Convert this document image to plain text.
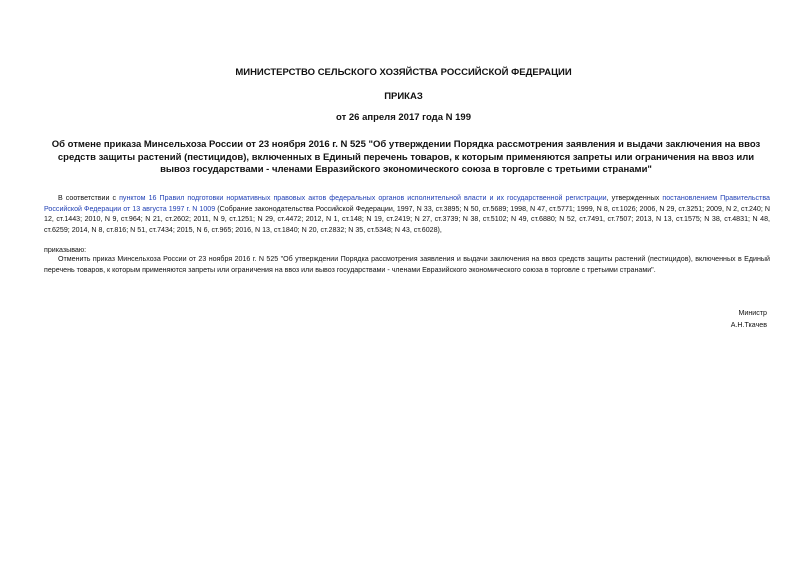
МИНИСТЕРСТВО СЕЛЬСКОГО ХОЗЯЙСТВА РОССИЙСКОЙ ФЕДЕРАЦИИ
ПРИКАЗ
от 26 апреля 2017 года N 199
Об отмене приказа Минсельхоза России от 23 ноября 2016 г. N 525 "Об утверждении Порядка рассмотрения заявления и выдачи заключения на ввоз средств защиты растений (пестицидов), включенных в Единый перечень товаров, к которым применяются запреты или ограничения на ввоз или вывоз государствами - членами Евразийского экономического союза в торговле с третьими странами"
В соответствии с пунктом 16 Правил подготовки нормативных правовых актов федеральных органов исполнительной власти и их государственной регистрации, утвержденных постановлением Правительства Российской Федерации от 13 августа 1997 г. N 1009 (Собрание законодательства Российской Федерации, 1997, N 33, ст.3895; N 50, ст.5689; 1998, N 47, ст.5771; 1999, N 8, ст.1026; 2006, N 29, ст.3251; 2009, N 2, ст.240; N 12, ст.1443; 2010, N 9, ст.964; N 21, ст.2602; 2011, N 9, ст.1251; N 29, ст.4472; 2012, N 1, ст.148; N 19, ст.2419; N 27, ст.3739; N 38, ст.5102; N 49, ст.6880; N 52, ст.7491, ст.7507; 2013, N 13, ст.1575; N 38, ст.4831; N 48, ст.6259; 2014, N 8, ст.816; N 51, ст.7434; 2015, N 6, ст.965; 2016, N 13, ст.1840; N 20, ст.2832; N 35, ст.5348; N 43, ст.6028),
приказываю:
Отменить приказ Минсельхоза России от 23 ноября 2016 г. N 525 "Об утверждении Порядка рассмотрения заявления и выдачи заключения на ввоз средств защиты растений (пестицидов), включенных в Единый перечень товаров, к которым применяются запреты или ограничения на ввоз или вывоз государствами - членами Евразийского экономического союза в торговле с третьими странами".
Министр
А.Н.Ткачев
